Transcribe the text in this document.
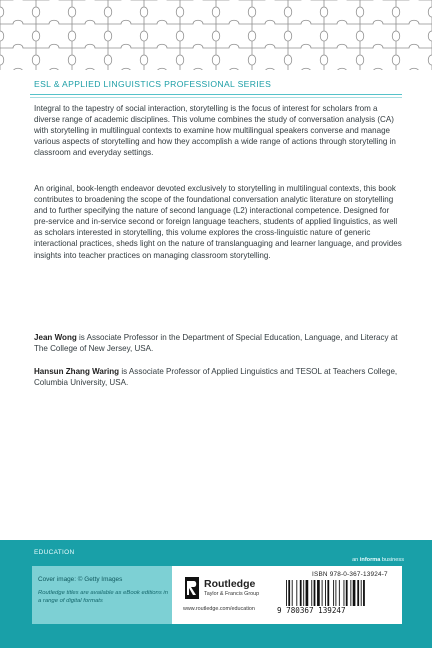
ESL & APPLIED LINGUISTICS PROFESSIONAL SERIES
Integral to the tapestry of social interaction, storytelling is the focus of interest for scholars from a diverse range of academic disciplines. This volume combines the study of conversation analysis (CA) with storytelling in multilingual contexts to examine how multilingual speakers converse and manage various aspects of storytelling and how they accomplish a wide range of actions through storytelling in classroom and everyday settings.
An original, book-length endeavor devoted exclusively to storytelling in multilingual contexts, this book contributes to broadening the scope of the foundational conversation analytic literature on storytelling and to further specifying the nature of second language (L2) interactional competence. Designed for pre-service and in-service second or foreign language teachers, students of applied linguistics, as well as scholars interested in storytelling, this volume explores the cross-linguistic nature of generic interactional practices, sheds light on the nature of translanguaging and learner language, and provides insights into teacher practices on managing classroom storytelling.
Jean Wong is Associate Professor in the Department of Special Education, Language, and Literacy at The College of New Jersey, USA.
Hansun Zhang Waring is Associate Professor of Applied Linguistics and TESOL at Teachers College, Columbia University, USA.
EDUCATION
an informa business
Cover image: © Getty Images
Routledge titles are available as eBook editions in a range of digital formats
Routledge
Taylor & Francis Group
www.routledge.com/education
ISBN 978-0-367-13924-7
9 780367 139247
